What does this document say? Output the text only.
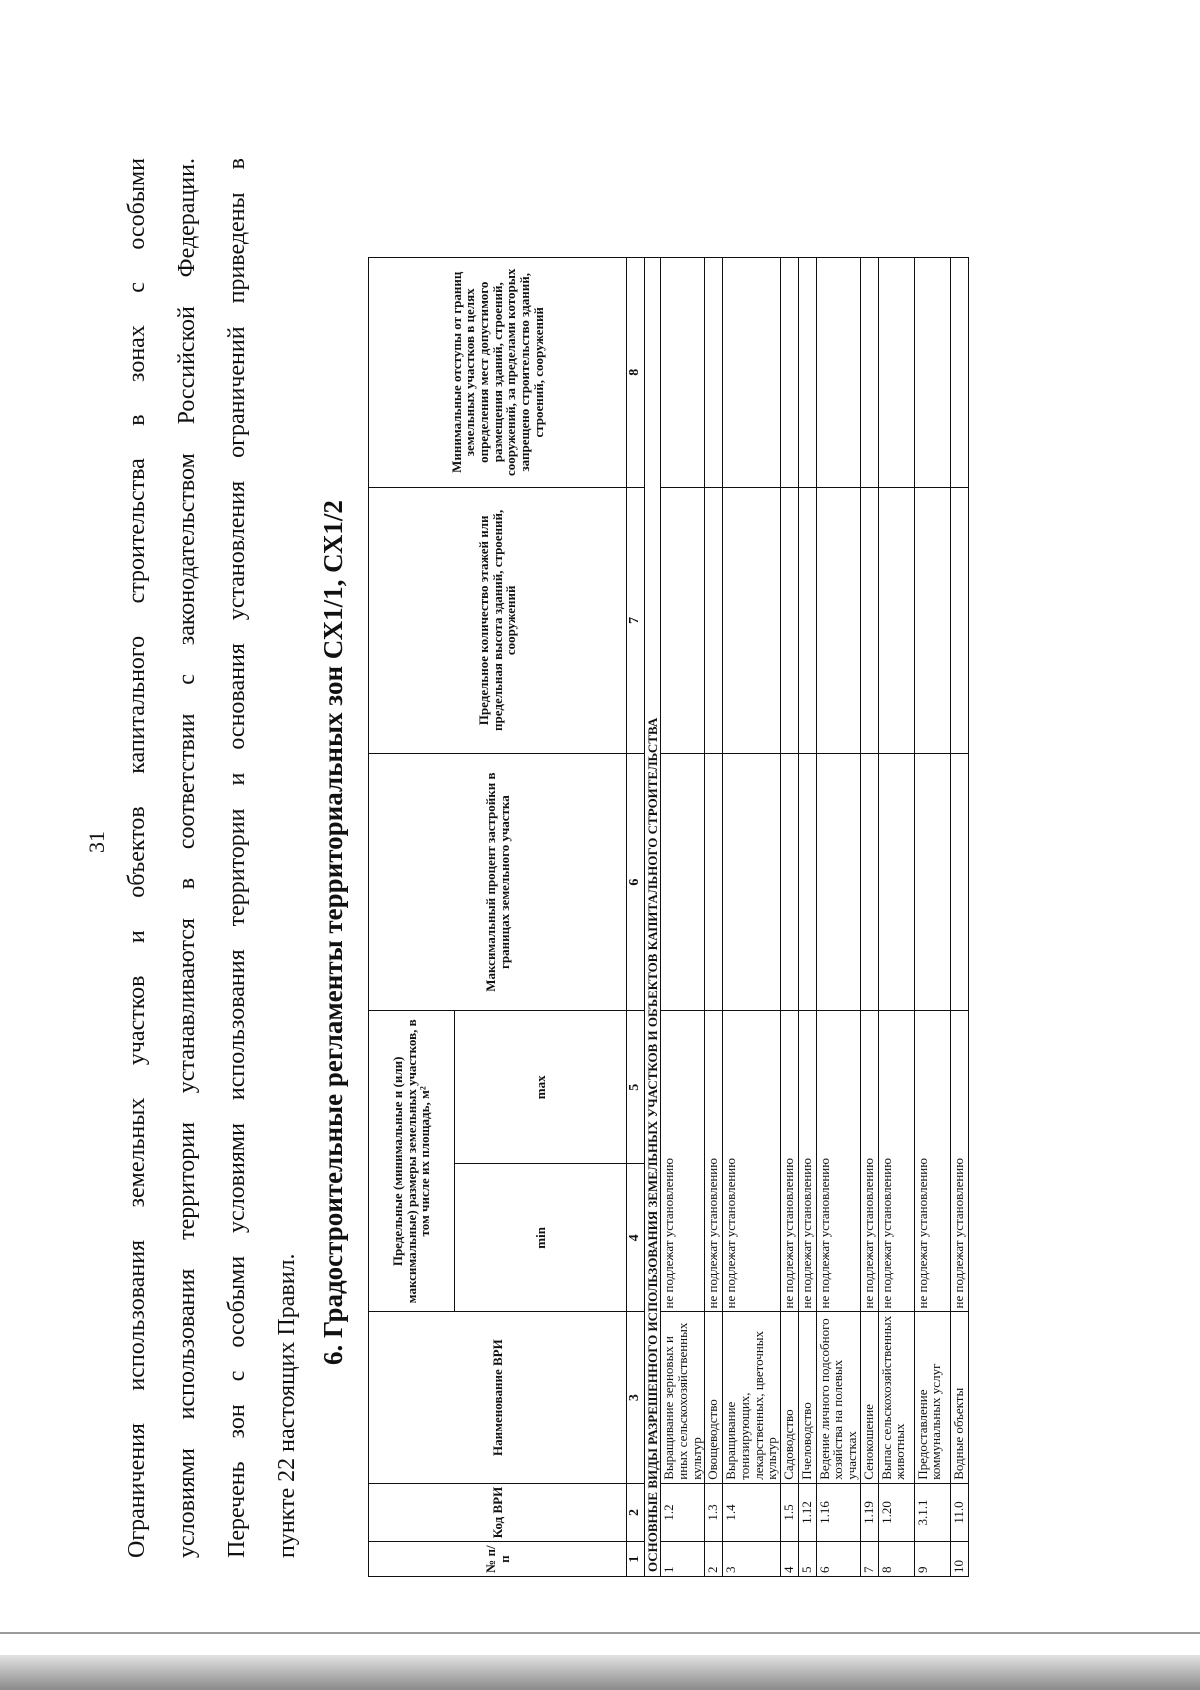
31 Ограничения использования земельных участков и объектов капитального строительства в зонах с особыми	условиями использования территории устанавливаются в соответствии с законодательством Российской Федерации.	Перечень зон с особыми условиями использования территории и основания установления ограничений приведены в	пункте 22 настоящих Правил.
6. Градостроительные регламенты территориальных зон СХ1/1, СХ1/2
№ п/п	Код ВРИ	Наименование ВРИ	Предельные (минимальные и (или) максимальные) размеры земельных участков, в том числе их площадь, м²		Максимальный процент застройки в границах земельного участка	Предельное количество этажей или предельная высота зданий, строений, сооружений	Минимальные отступы от границ земельных участков в целях определения мест допустимого размещения зданий, строений, сооружений, за пределами которых запрещено строительство зданий, строений, сооружений
			min	max			
1	2	3	4	5	6	7	8
ОСНОВНЫЕ ВИДЫ РАЗРЕШЕННОГО ИСПОЛЬЗОВАНИЯ ЗЕМЕЛЬНЫХ УЧАСТКОВ И ОБЪЕКТОВ КАПИТАЛЬНОГО СТРОИТЕЛЬСТВА							
1	1.2	Выращивание зерновых и иных сельскохозяйственных культур	не подлежат установлению				
2	1.3	Овощеводство	не подлежат установлению				
3	1.4	Выращивание тонизирующих, лекарственных, цветочных культур	не подлежат установлению				
4	1.5	Садоводство	не подлежат установлению				
5	1.12	Пчеловодство	не подлежат установлению				
6	1.16	Ведение личного подсобного хозяйства на полевых участках	не подлежат установлению				
7	1.19	Сенокошение	не подлежат установлению				
8	1.20	Выпас сельскохозяйственных животных	не подлежат установлению				
9	3.1.1	Предоставление коммунальных услуг	не подлежат установлению				
10	11.0	Водные объекты	не подлежат установлению				
